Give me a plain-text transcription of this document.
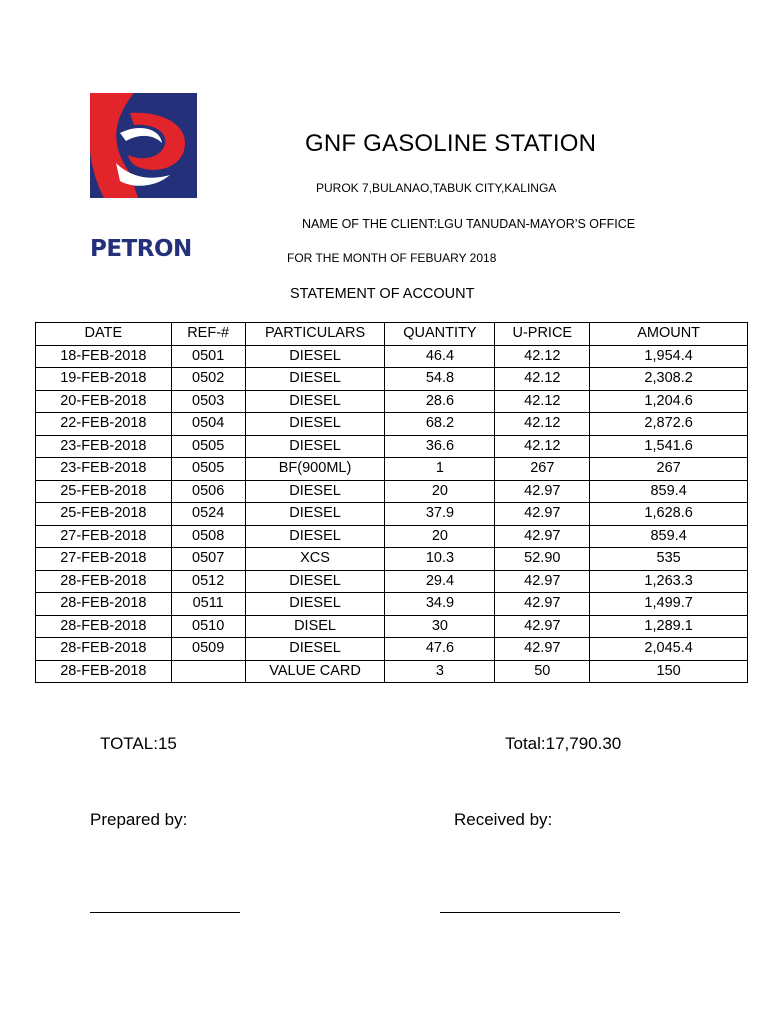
PETRON
GNF GASOLINE STATION
PUROK 7,BULANAO,TABUK CITY,KALINGA
NAME OF THE CLIENT:LGU TANUDAN-MAYOR’S OFFICE
FOR THE MONTH OF FEBUARY 2018
STATEMENT OF ACCOUNT
DATE	REF-#	PARTICULARS	QUANTITY	U-PRICE	AMOUNT
18-FEB-2018	0501	DIESEL	46.4	42.12	1,954.4
19-FEB-2018	0502	DIESEL	54.8	42.12	2,308.2
20-FEB-2018	0503	DIESEL	28.6	42.12	1,204.6
22-FEB-2018	0504	DIESEL	68.2	42.12	2,872.6
23-FEB-2018	0505	DIESEL	36.6	42.12	1,541.6
23-FEB-2018	0505	BF(900ML)	1	267	267
25-FEB-2018	0506	DIESEL	20	42.97	859.4
25-FEB-2018	0524	DIESEL	37.9	42.97	1,628.6
27-FEB-2018	0508	DIESEL	20	42.97	859.4
27-FEB-2018	0507	XCS	10.3	52.90	535
28-FEB-2018	0512	DIESEL	29.4	42.97	1,263.3
28-FEB-2018	0511	DIESEL	34.9	42.97	1,499.7
28-FEB-2018	0510	DISEL	30	42.97	1,289.1
28-FEB-2018	0509	DIESEL	47.6	42.97	2,045.4
28-FEB-2018		VALUE CARD	3	50	150
TOTAL:15	Total:17,790.30
Prepared by:	Received by:
